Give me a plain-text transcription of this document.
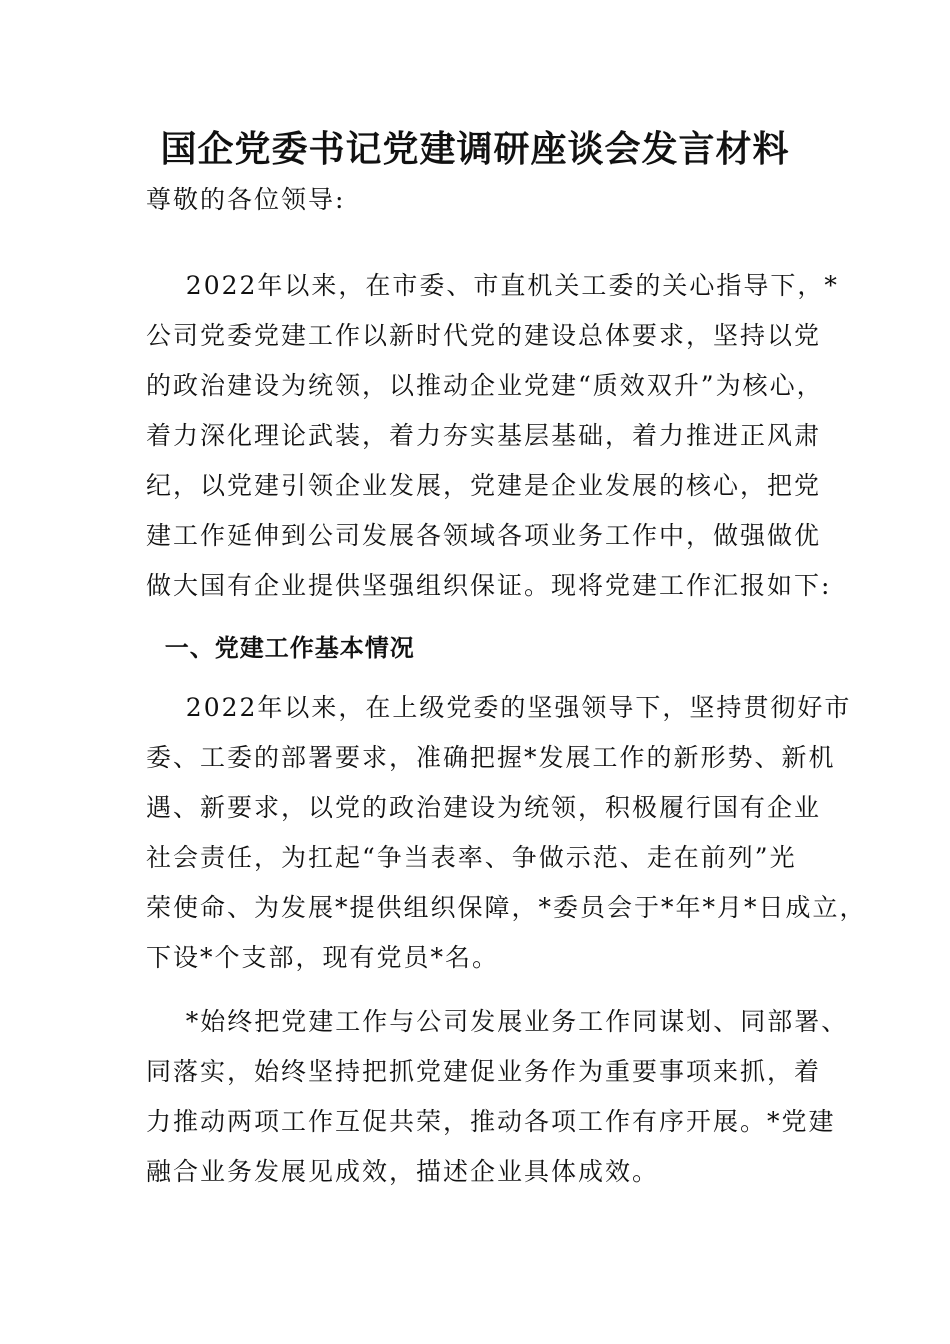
国企党委书记党建调研座谈会发言材料
尊敬的各位领导:
2022年以来，在市委、市直机关工委的关心指导下，*
公司党委党建工作以新时代党的建设总体要求，坚持以党
的政治建设为统领，以推动企业党建“质效双升”为核心，
着力深化理论武装，着力夯实基层基础，着力推进正风肃
纪，以党建引领企业发展，党建是企业发展的核心，把党
建工作延伸到公司发展各领域各项业务工作中，做强做优
做大国有企业提供坚强组织保证。现将党建工作汇报如下:
一、党建工作基本情况
2022年以来，在上级党委的坚强领导下，坚持贯彻好市
委、工委的部署要求，准确把握*发展工作的新形势、新机
遇、新要求，以党的政治建设为统领，积极履行国有企业
社会责任，为扛起“争当表率、争做示范、走在前列”光
荣使命、为发展*提供组织保障，*委员会于*年*月*日成立，
下设*个支部，现有党员*名。
*始终把党建工作与公司发展业务工作同谋划、同部署、
同落实，始终坚持把抓党建促业务作为重要事项来抓，着
力推动两项工作互促共荣，推动各项工作有序开展。*党建
融合业务发展见成效，描述企业具体成效。
